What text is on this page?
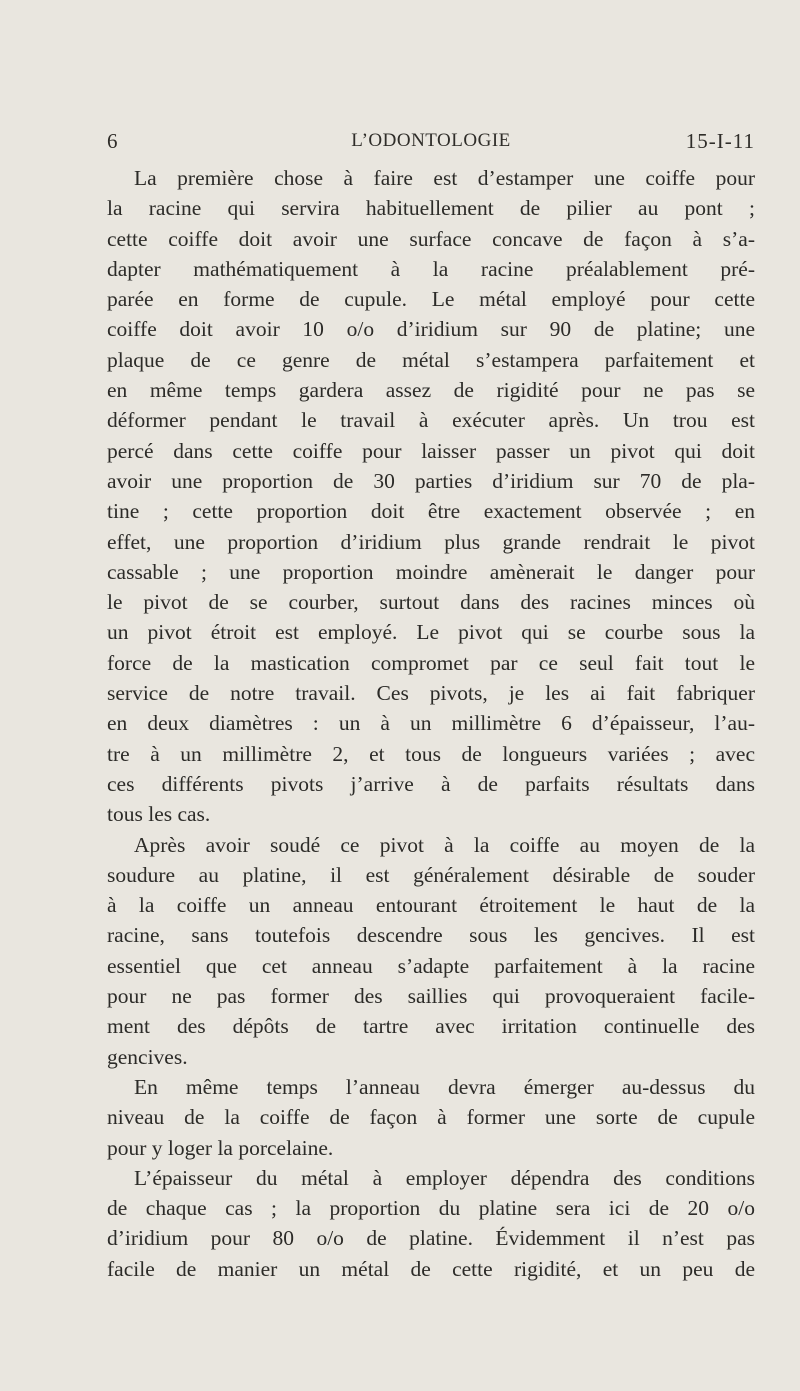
6	L’ODONTOLOGIE	15-I-11
La première chose à faire est d’estamper une coiffe pour
la racine qui servira habituellement de pilier au pont ;
cette coiffe doit avoir une surface concave de façon à s’a-
dapter mathématiquement à la racine préalablement pré-
parée en forme de cupule. Le métal employé pour cette
coiffe doit avoir 10 o/o d’iridium sur 90 de platine; une
plaque de ce genre de métal s’estampera parfaitement et
en même temps gardera assez de rigidité pour ne pas se
déformer pendant le travail à exécuter après. Un trou est
percé dans cette coiffe pour laisser passer un pivot qui doit
avoir une proportion de 30 parties d’iridium sur 70 de pla-
tine ; cette proportion doit être exactement observée ; en
effet, une proportion d’iridium plus grande rendrait le pivot
cassable ; une proportion moindre amènerait le danger pour
le pivot de se courber, surtout dans des racines minces où
un pivot étroit est employé. Le pivot qui se courbe sous la
force de la mastication compromet par ce seul fait tout le
service de notre travail. Ces pivots, je les ai fait fabriquer
en deux diamètres : un à un millimètre 6 d’épaisseur, l’au-
tre à un millimètre 2, et tous de longueurs variées ; avec
ces différents pivots j’arrive à de parfaits résultats dans
tous les cas.
Après avoir soudé ce pivot à la coiffe au moyen de la
soudure au platine, il est généralement désirable de souder
à la coiffe un anneau entourant étroitement le haut de la
racine, sans toutefois descendre sous les gencives. Il est
essentiel que cet anneau s’adapte parfaitement à la racine
pour ne pas former des saillies qui provoqueraient facile-
ment des dépôts de tartre avec irritation continuelle des
gencives.
En même temps l’anneau devra émerger au-dessus du
niveau de la coiffe de façon à former une sorte de cupule
pour y loger la porcelaine.
L’épaisseur du métal à employer dépendra des conditions
de chaque cas ; la proportion du platine sera ici de 20 o/o
d’iridium pour 80 o/o de platine. Évidemment il n’est pas
facile de manier un métal de cette rigidité, et un peu de
